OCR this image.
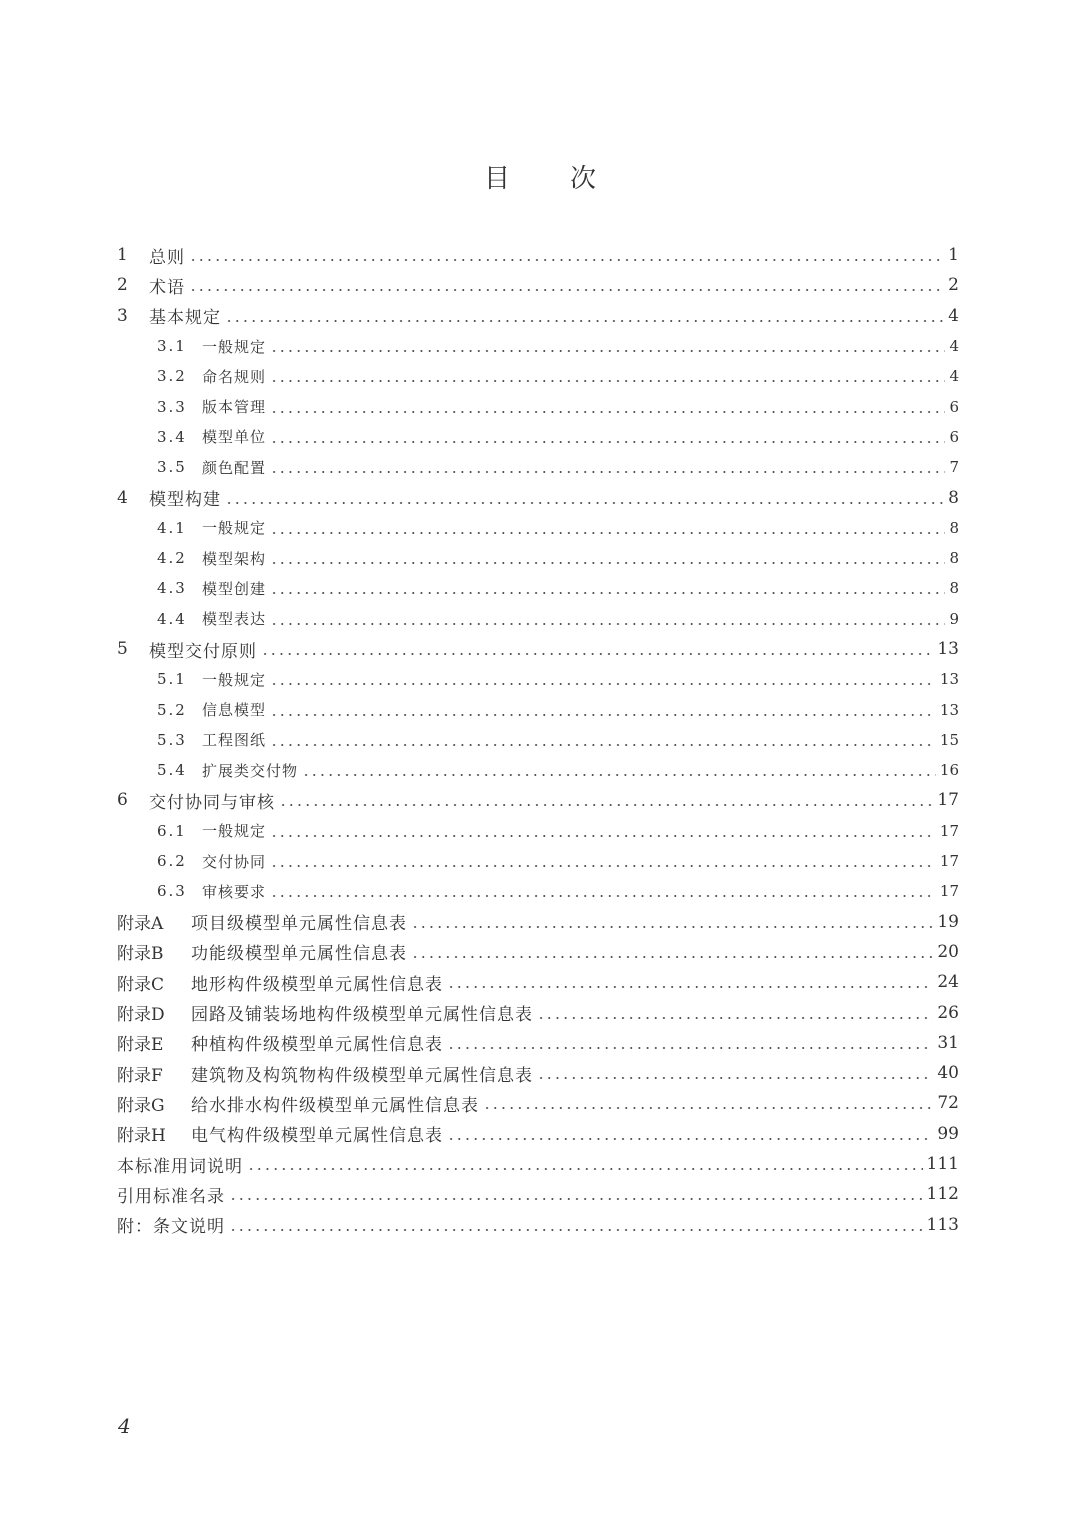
目 次
1	总则	1
2	术语	2
3	基本规定	4
3.1	一般规定	4
3.2	命名规则	4
3.3	版本管理	6
3.4	模型单位	6
3.5	颜色配置	7
4	模型构建	8
4.1	一般规定	8
4.2	模型架构	8
4.3	模型创建	8
4.4	模型表达	9
5	模型交付原则	13
5.1	一般规定	13
5.2	信息模型	13
5.3	工程图纸	15
5.4	扩展类交付物	16
6	交付协同与审核	17
6.1	一般规定	17
6.2	交付协同	17
6.3	审核要求	17
附录A	项目级模型单元属性信息表	19
附录B	功能级模型单元属性信息表	20
附录C	地形构件级模型单元属性信息表	24
附录D	园路及铺装场地构件级模型单元属性信息表	26
附录E	种植构件级模型单元属性信息表	31
附录F	建筑物及构筑物构件级模型单元属性信息表	40
附录G	给水排水构件级模型单元属性信息表	72
附录H	电气构件级模型单元属性信息表	99
本标准用词说明	111
引用标准名录	112
附：条文说明	113
4
